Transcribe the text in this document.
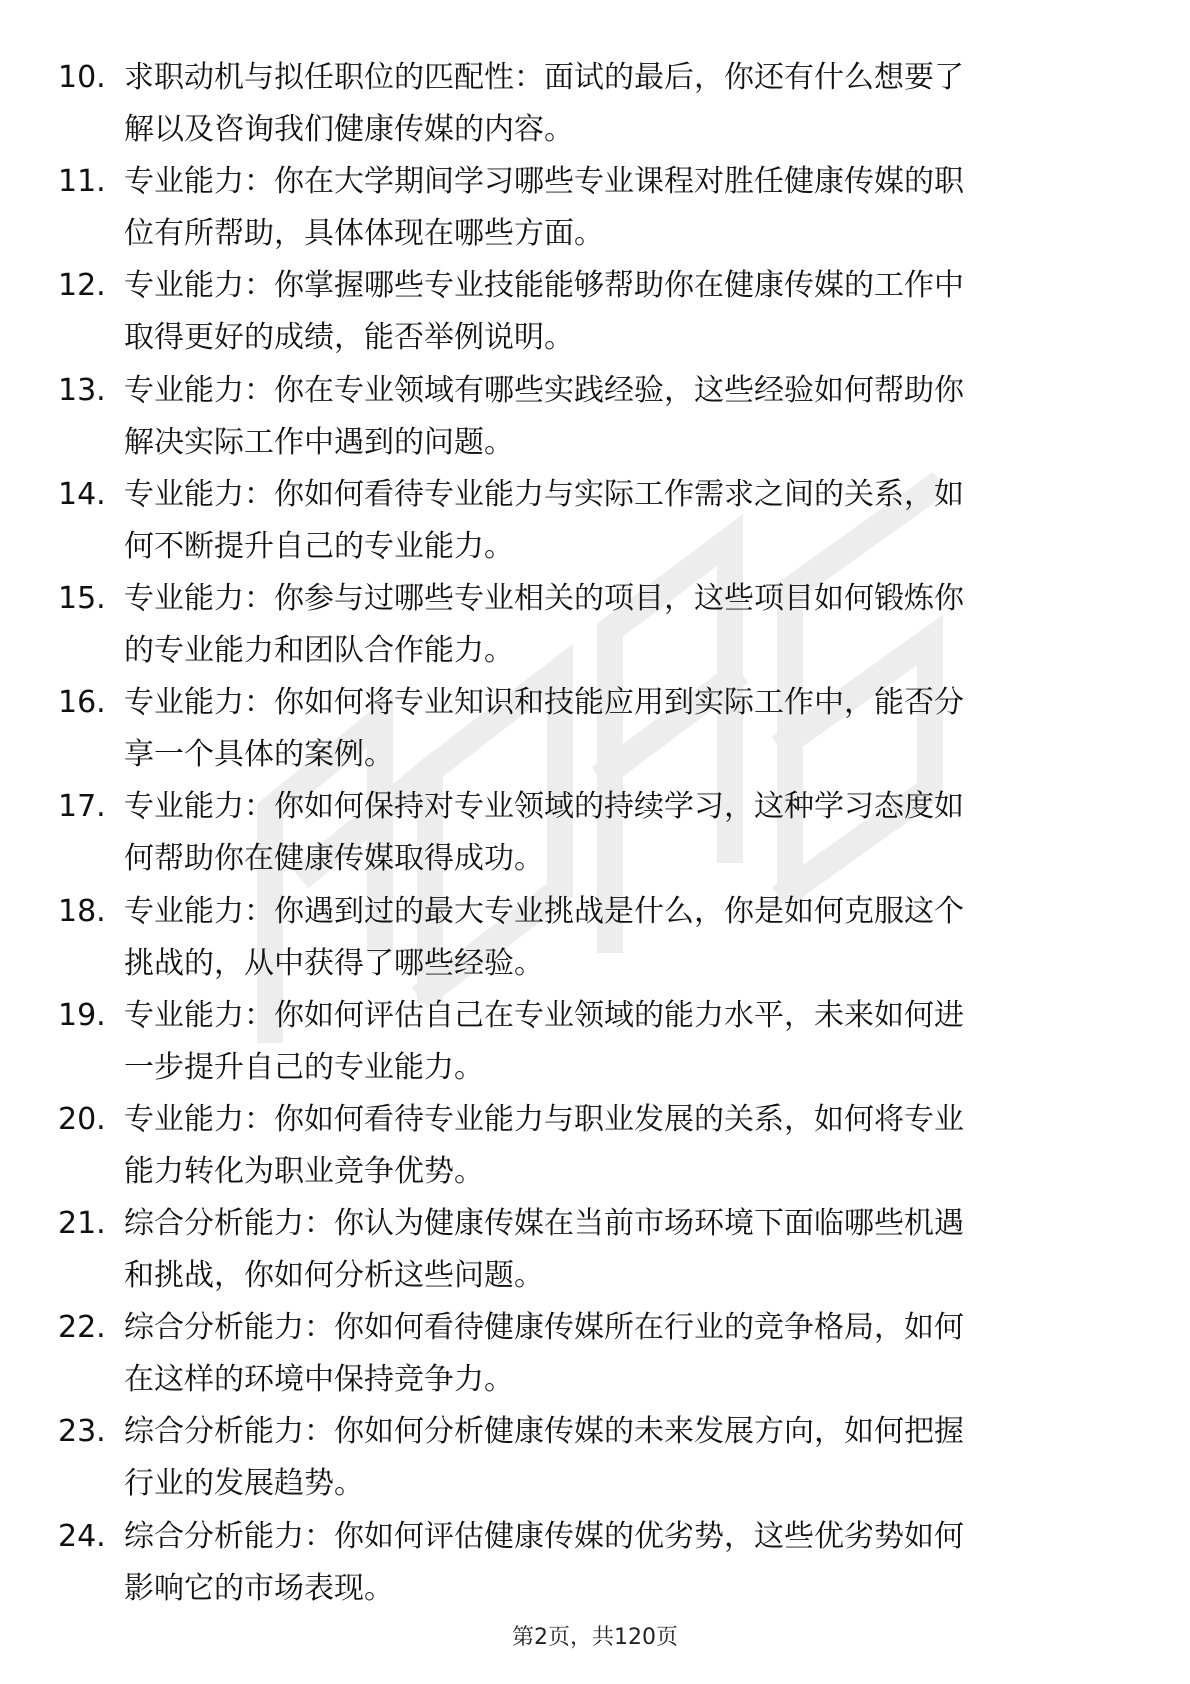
10. 求职动机与拟任职位的匹配性：面试的最后，你还有什么想要了
解以及咨询我们健康传媒的内容。
11. 专业能力：你在大学期间学习哪些专业课程对胜任健康传媒的职
位有所帮助，具体体现在哪些方面。
12. 专业能力：你掌握哪些专业技能能够帮助你在健康传媒的工作中
取得更好的成绩，能否举例说明。
13. 专业能力：你在专业领域有哪些实践经验，这些经验如何帮助你
解决实际工作中遇到的问题。
14. 专业能力：你如何看待专业能力与实际工作需求之间的关系，如
何不断提升自己的专业能力。
15. 专业能力：你参与过哪些专业相关的项目，这些项目如何锻炼你
的专业能力和团队合作能力。
16. 专业能力：你如何将专业知识和技能应用到实际工作中，能否分
享一个具体的案例。
17. 专业能力：你如何保持对专业领域的持续学习，这种学习态度如
何帮助你在健康传媒取得成功。
18. 专业能力：你遇到过的最大专业挑战是什么，你是如何克服这个
挑战的，从中获得了哪些经验。
19. 专业能力：你如何评估自己在专业领域的能力水平，未来如何进
一步提升自己的专业能力。
20. 专业能力：你如何看待专业能力与职业发展的关系，如何将专业
能力转化为职业竞争优势。
21. 综合分析能力：你认为健康传媒在当前市场环境下面临哪些机遇
和挑战，你如何分析这些问题。
22. 综合分析能力：你如何看待健康传媒所在行业的竞争格局，如何
在这样的环境中保持竞争力。
23. 综合分析能力：你如何分析健康传媒的未来发展方向，如何把握
行业的发展趋势。
24. 综合分析能力：你如何评估健康传媒的优劣势，这些优劣势如何
影响它的市场表现。
第2页，共120页
